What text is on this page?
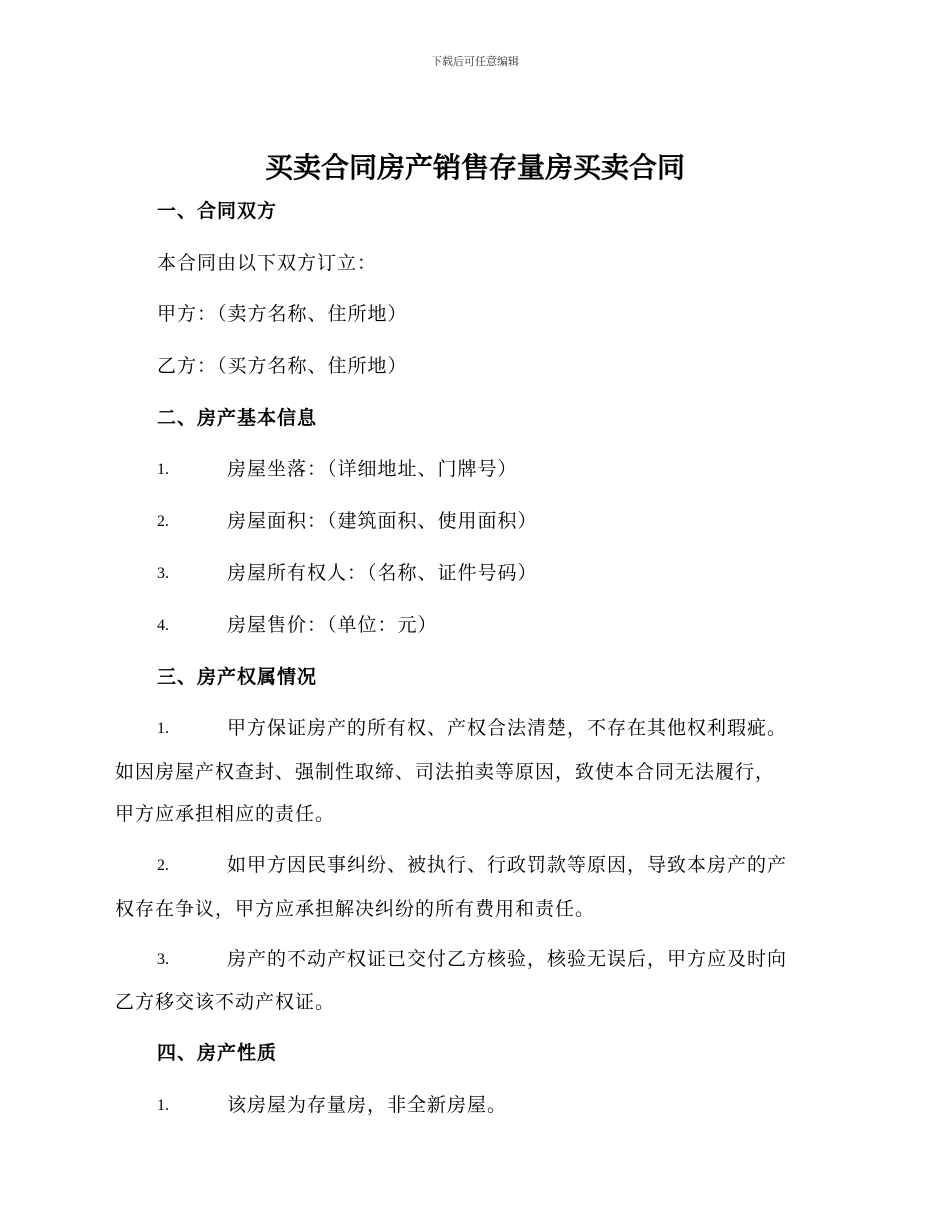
下载后可任意编辑
买卖合同房产销售存量房买卖合同
一、合同双方
本合同由以下双方订立：
甲方：（卖方名称、住所地）
乙方：（买方名称、住所地）
二、房产基本信息
1.	房屋坐落：（详细地址、门牌号）
2.	房屋面积：（建筑面积、使用面积）
3.	房屋所有权人：（名称、证件号码）
4.	房屋售价：（单位：元）
三、房产权属情况
1.	甲方保证房产的所有权、产权合法清楚，不存在其他权利瑕疵。
如因房屋产权查封、强制性取缔、司法拍卖等原因，致使本合同无法履行，
甲方应承担相应的责任。
2.	如甲方因民事纠纷、被执行、行政罚款等原因，导致本房产的产
权存在争议，甲方应承担解决纠纷的所有费用和责任。
3.	房产的不动产权证已交付乙方核验，核验无误后，甲方应及时向
乙方移交该不动产权证。
四、房产性质
1.	该房屋为存量房，非全新房屋。
